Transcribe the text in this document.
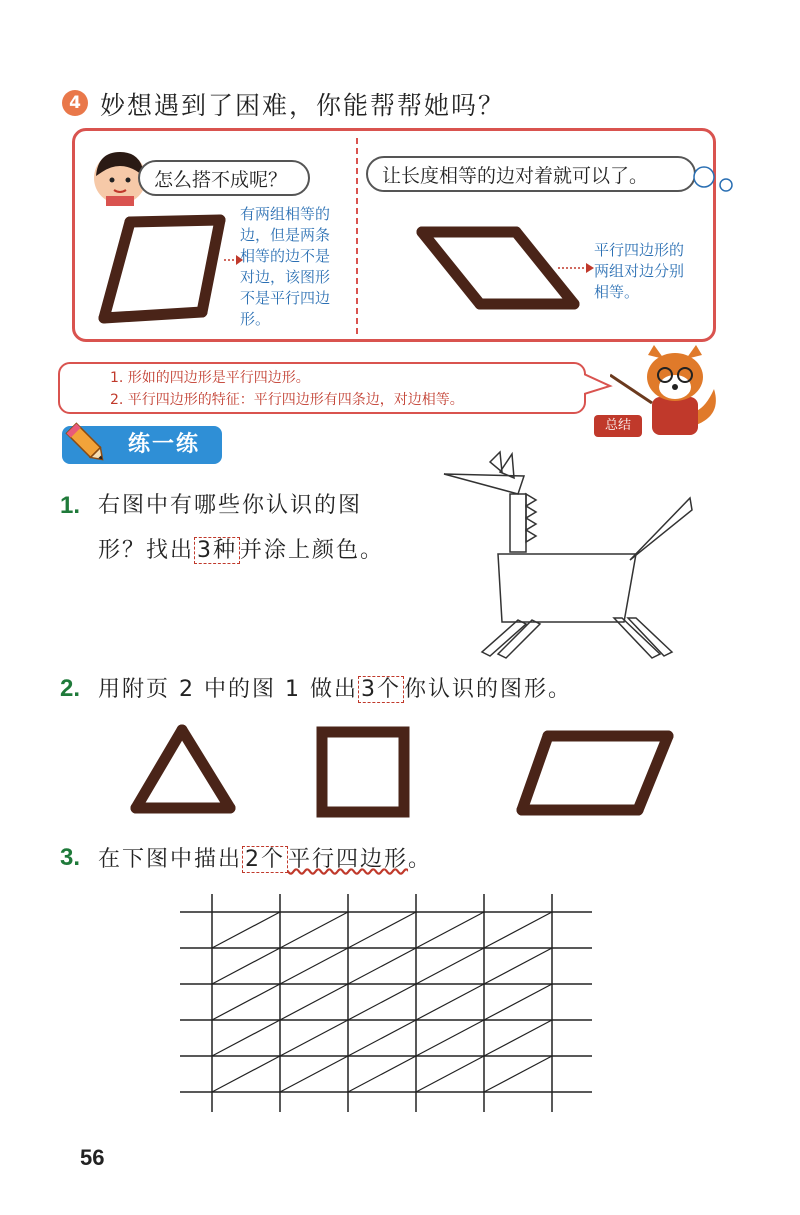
4 妙想遇到了困难，你能帮帮她吗？
怎么搭不成呢？	让长度相等的边对着就可以了。
有两组相等的
边，但是两条
相等的边不是
对边，该图形
不是平行四边
形。
平行四边形的
两组对边分别
相等。
1. 形如的四边形是平行四边形。
2. 平行四边形的特征：平行四边形有四条边，对边相等。
总结
练一练
1. 右图中有哪些你认识的图
形？找出 3种 并涂上颜色。
2. 用附页 2 中的图 1 做出 3个 你认识的图形。
3. 在下图中描出 2个 平行四边形。
56
